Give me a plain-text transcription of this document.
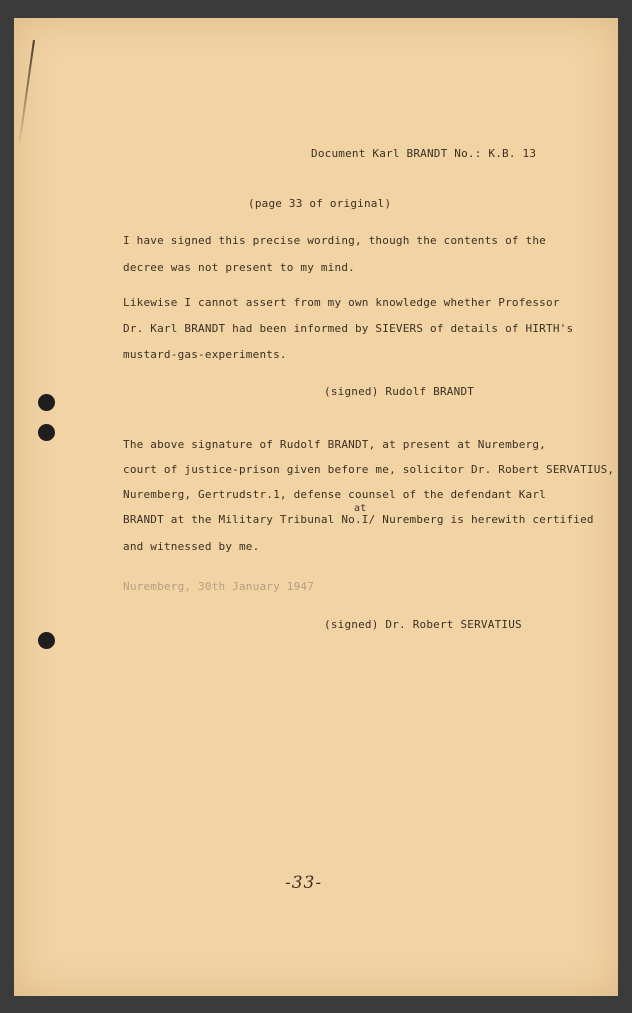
Document Karl BRANDT No.: K.B. 13
(page 33 of original)
I have signed this precise wording, though the contents of the
decree was not present to my mind.
Likewise I cannot assert from my own knowledge whether Professor
Dr. Karl BRANDT had been informed by SIEVERS of details of HIRTH's
mustard-gas-experiments.
(signed) Rudolf BRANDT
The above signature of Rudolf BRANDT, at present at Nuremberg,
court of justice-prison given before me, solicitor Dr. Robert SERVATIUS,
Nuremberg, Gertrudstr.1, defense counsel of the defendant Karl
at
BRANDT at the Military Tribunal No.I/ Nuremberg is herewith certified
and witnessed by me.
Nuremberg, 30th January 1947
(signed) Dr. Robert SERVATIUS
-33-
